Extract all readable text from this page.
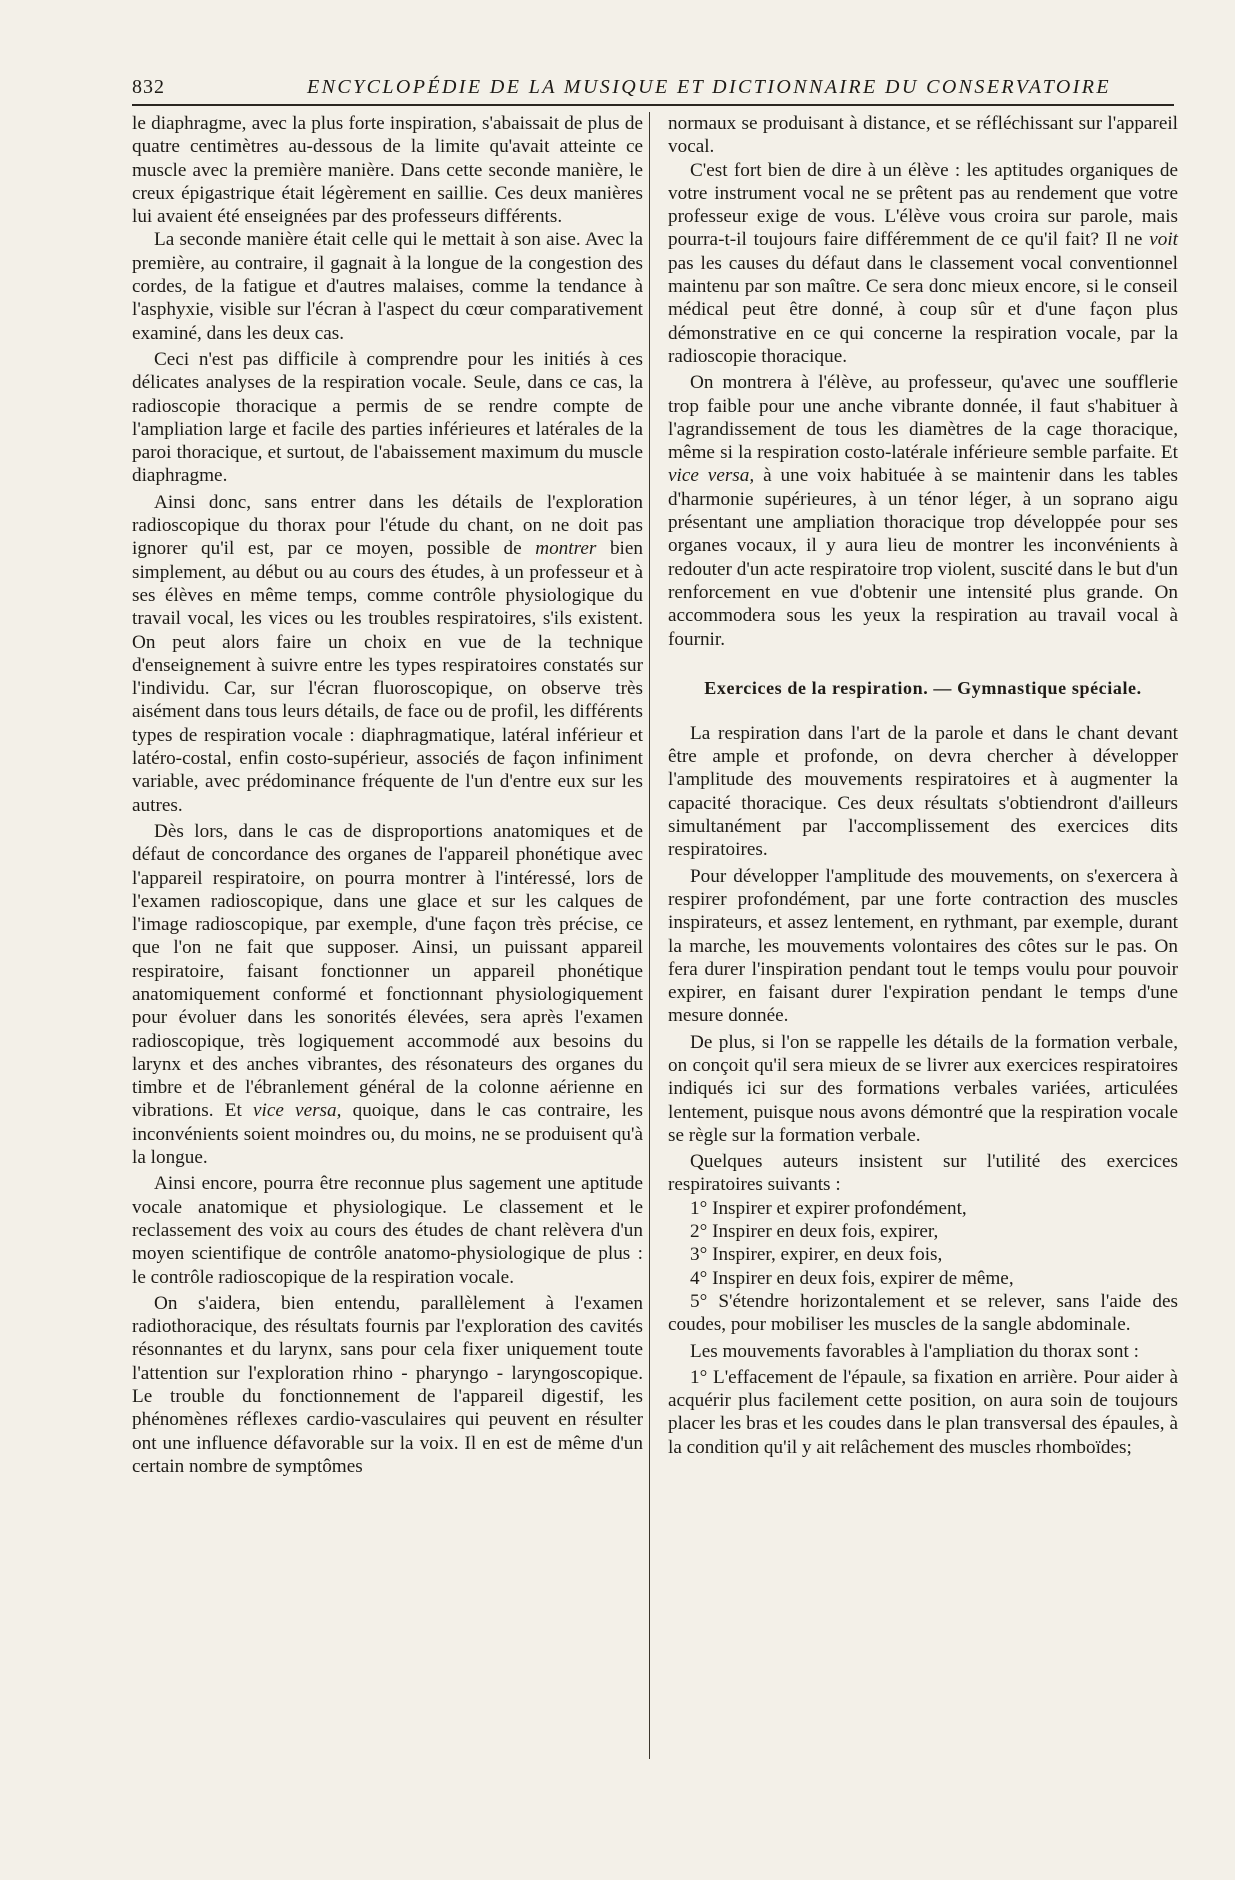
832	ENCYCLOPÉDIE DE LA MUSIQUE ET DICTIONNAIRE DU CONSERVATOIRE

le diaphragme, avec la plus forte inspiration, s'abaissait de plus de quatre centimètres au-dessous de la limite qu'avait atteinte ce muscle avec la première manière. Dans cette seconde manière, le creux épigastrique était légèrement en saillie. Ces deux manières lui avaient été enseignées par des professeurs différents.

La seconde manière était celle qui le mettait à son aise. Avec la première, au contraire, il gagnait à la longue de la congestion des cordes, de la fatigue et d'autres malaises, comme la tendance à l'asphyxie, visible sur l'écran à l'aspect du cœur comparativement examiné, dans les deux cas.

Ceci n'est pas difficile à comprendre pour les initiés à ces délicates analyses de la respiration vocale. Seule, dans ce cas, la radioscopie thoracique a permis de se rendre compte de l'ampliation large et facile des parties inférieures et latérales de la paroi thoracique, et surtout, de l'abaissement maximum du muscle diaphragme.

Ainsi donc, sans entrer dans les détails de l'exploration radioscopique du thorax pour l'étude du chant, on ne doit pas ignorer qu'il est, par ce moyen, possible de montrer bien simplement, au début ou au cours des études, à un professeur et à ses élèves en même temps, comme contrôle physiologique du travail vocal, les vices ou les troubles respiratoires, s'ils existent. On peut alors faire un choix en vue de la technique d'enseignement à suivre entre les types respiratoires constatés sur l'individu. Car, sur l'écran fluoroscopique, on observe très aisément dans tous leurs détails, de face ou de profil, les différents types de respiration vocale : diaphragmatique, latéral inférieur et latéro-costal, enfin costo-supérieur, associés de façon infiniment variable, avec prédominance fréquente de l'un d'entre eux sur les autres.

Dès lors, dans le cas de disproportions anatomiques et de défaut de concordance des organes de l'appareil phonétique avec l'appareil respiratoire, on pourra montrer à l'intéressé, lors de l'examen radioscopique, dans une glace et sur les calques de l'image radioscopique, par exemple, d'une façon très précise, ce que l'on ne fait que supposer. Ainsi, un puissant appareil respiratoire, faisant fonctionner un appareil phonétique anatomiquement conformé et fonctionnant physiologiquement pour évoluer dans les sonorités élevées, sera après l'examen radioscopique, très logiquement accommodé aux besoins du larynx et des anches vibrantes, des résonateurs des organes du timbre et de l'ébranlement général de la colonne aérienne en vibrations. Et vice versa, quoique, dans le cas contraire, les inconvénients soient moindres ou, du moins, ne se produisent qu'à la longue.

Ainsi encore, pourra être reconnue plus sagement une aptitude vocale anatomique et physiologique. Le classement et le reclassement des voix au cours des études de chant relèvera d'un moyen scientifique de contrôle anatomo-physiologique de plus : le contrôle radioscopique de la respiration vocale.

On s'aidera, bien entendu, parallèlement à l'examen radiothoracique, des résultats fournis par l'exploration des cavités résonnantes et du larynx, sans pour cela fixer uniquement toute l'attention sur l'exploration rhino - pharyngo - laryngoscopique. Le trouble du fonctionnement de l'appareil digestif, les phénomènes réflexes cardio-vasculaires qui peuvent en résulter ont une influence défavorable sur la voix. Il en est de même d'un certain nombre de symptômes

normaux se produisant à distance, et se réfléchissant sur l'appareil vocal.

C'est fort bien de dire à un élève : les aptitudes organiques de votre instrument vocal ne se prêtent pas au rendement que votre professeur exige de vous. L'élève vous croira sur parole, mais pourra-t-il toujours faire différemment de ce qu'il fait? Il ne voit pas les causes du défaut dans le classement vocal conventionnel maintenu par son maître. Ce sera donc mieux encore, si le conseil médical peut être donné, à coup sûr et d'une façon plus démonstrative en ce qui concerne la respiration vocale, par la radioscopie thoracique.

On montrera à l'élève, au professeur, qu'avec une soufflerie trop faible pour une anche vibrante donnée, il faut s'habituer à l'agrandissement de tous les diamètres de la cage thoracique, même si la respiration costo-latérale inférieure semble parfaite. Et vice versa, à une voix habituée à se maintenir dans les tables d'harmonie supérieures, à un ténor léger, à un soprano aigu présentant une ampliation thoracique trop développée pour ses organes vocaux, il y aura lieu de montrer les inconvénients à redouter d'un acte respiratoire trop violent, suscité dans le but d'un renforcement en vue d'obtenir une intensité plus grande. On accommodera sous les yeux la respiration au travail vocal à fournir.

Exercices de la respiration. — Gymnastique spéciale.

La respiration dans l'art de la parole et dans le chant devant être ample et profonde, on devra chercher à développer l'amplitude des mouvements respiratoires et à augmenter la capacité thoracique. Ces deux résultats s'obtiendront d'ailleurs simultanément par l'accomplissement des exercices dits respiratoires.

Pour développer l'amplitude des mouvements, on s'exercera à respirer profondément, par une forte contraction des muscles inspirateurs, et assez lentement, en rythmant, par exemple, durant la marche, les mouvements volontaires des côtes sur le pas. On fera durer l'inspiration pendant tout le temps voulu pour pouvoir expirer, en faisant durer l'expiration pendant le temps d'une mesure donnée.

De plus, si l'on se rappelle les détails de la formation verbale, on conçoit qu'il sera mieux de se livrer aux exercices respiratoires indiqués ici sur des formations verbales variées, articulées lentement, puisque nous avons démontré que la respiration vocale se règle sur la formation verbale.

Quelques auteurs insistent sur l'utilité des exercices respiratoires suivants :

1° Inspirer et expirer profondément,

2° Inspirer en deux fois, expirer,

3° Inspirer, expirer, en deux fois,

4° Inspirer en deux fois, expirer de même,

5° S'étendre horizontalement et se relever, sans l'aide des coudes, pour mobiliser les muscles de la sangle abdominale.

Les mouvements favorables à l'ampliation du thorax sont :

1° L'effacement de l'épaule, sa fixation en arrière. Pour aider à acquérir plus facilement cette position, on aura soin de toujours placer les bras et les coudes dans le plan transversal des épaules, à la condition qu'il y ait relâchement des muscles rhomboïdes;
